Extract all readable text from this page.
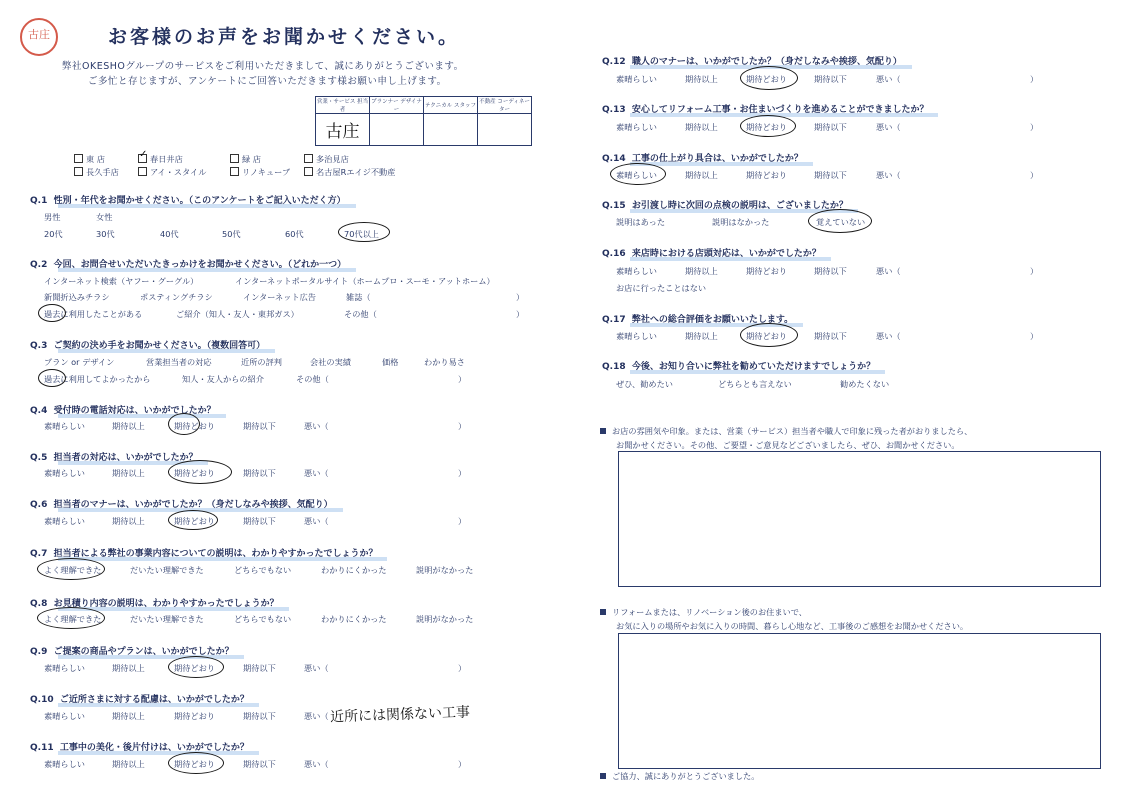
古庄	お客様のお声をお聞かせください。
弊社OKESHOグループのサービスをご利用いただきまして、誠にありがとうございます。
ご多忙と存じますが、アンケートにご回答いただきます様お願い申し上げます。
営業・サービス 担当者	プランナー デザイナー	テクニカル スタッフ	不動産 コーディネーター
古庄			
東 店	✓ 春日井店	緑 店	多治見店
長久手店	アイ・スタイル	リノキューブ	名古屋Rエイジ不動産
Q.1 性別・年代をお聞かせください。（このアンケートをご記入いただく方）
男性	女性
20代	30代	40代	50代	60代	70代以上
Q.2 今回、お問合せいただいたきっかけをお聞かせください。（どれか一つ）
インターネット検索（ヤフー・グーグル）	インターネットポータルサイト（ホームプロ・スーモ・アットホーム）
新聞折込みチラシ	ポスティングチラシ	インターネット広告	雑誌（	）
過去に利用したことがある	ご紹介（知人・友人・東邦ガス）	その他（	）
Q.3 ご契約の決め手をお聞かせください。（複数回答可）
プラン or デザイン	営業担当者の対応	近所の評判	会社の実績	価格	わかり易さ
過去に利用してよかったから	知人・友人からの紹介	その他（	）
Q.4 受付時の電話対応は、いかがでしたか？
素晴らしい	期待以上	期待どおり	期待以下	悪い（	）
Q.5 担当者の対応は、いかがでしたか？
素晴らしい	期待以上	期待どおり	期待以下	悪い（	）
Q.6 担当者のマナーは、いかがでしたか？（身だしなみや挨拶、気配り）
素晴らしい	期待以上	期待どおり	期待以下	悪い（	）
Q.7 担当者による弊社の事業内容についての説明は、わかりやすかったでしょうか？
よく理解できた	だいたい理解できた	どちらでもない	わかりにくかった	説明がなかった
Q.8 お見積り内容の説明は、わかりやすかったでしょうか？
よく理解できた	だいたい理解できた	どちらでもない	わかりにくかった	説明がなかった
Q.9 ご提案の商品やプランは、いかがでしたか？
素晴らしい	期待以上	期待どおり	期待以下	悪い（	）
Q.10 ご近所さまに対する配慮は、いかがでしたか？
素晴らしい	期待以上	期待どおり	期待以下	悪い（ 近所には関係ない工事
Q.11 工事中の美化・後片付けは、いかがでしたか？
素晴らしい	期待以上	期待どおり	期待以下	悪い（	）
Q.12 職人のマナーは、いかがでしたか？（身だしなみや挨拶、気配り）
素晴らしい	期待以上	期待どおり	期待以下	悪い（	）
Q.13 安心してリフォーム工事・お住まいづくりを進めることができましたか？
素晴らしい	期待以上	期待どおり	期待以下	悪い（	）
Q.14 工事の仕上がり具合は、いかがでしたか？
素晴らしい	期待以上	期待どおり	期待以下	悪い（	）
Q.15 お引渡し時に次回の点検の説明は、ございましたか？
説明はあった	説明はなかった	覚えていない
Q.16 来店時における店頭対応は、いかがでしたか？
素晴らしい	期待以上	期待どおり	期待以下	悪い（	）
お店に行ったことはない
Q.17 弊社への総合評価をお願いいたします。
素晴らしい	期待以上	期待どおり	期待以下	悪い（	）
Q.18 今後、お知り合いに弊社を勧めていただけますでしょうか？
ぜひ、勧めたい	どちらとも言えない	勧めたくない
お店の雰囲気や印象。または、営業（サービス）担当者や職人で印象に残った者がおりましたら、
お聞かせください。その他、ご要望・ご意見などございましたら、ぜひ、お聞かせください。
リフォームまたは、リノベーション後のお住まいで、
お気に入りの場所やお気に入りの時間、暮らし心地など、工事後のご感想をお聞かせください。
ご協力、誠にありがとうございました。
